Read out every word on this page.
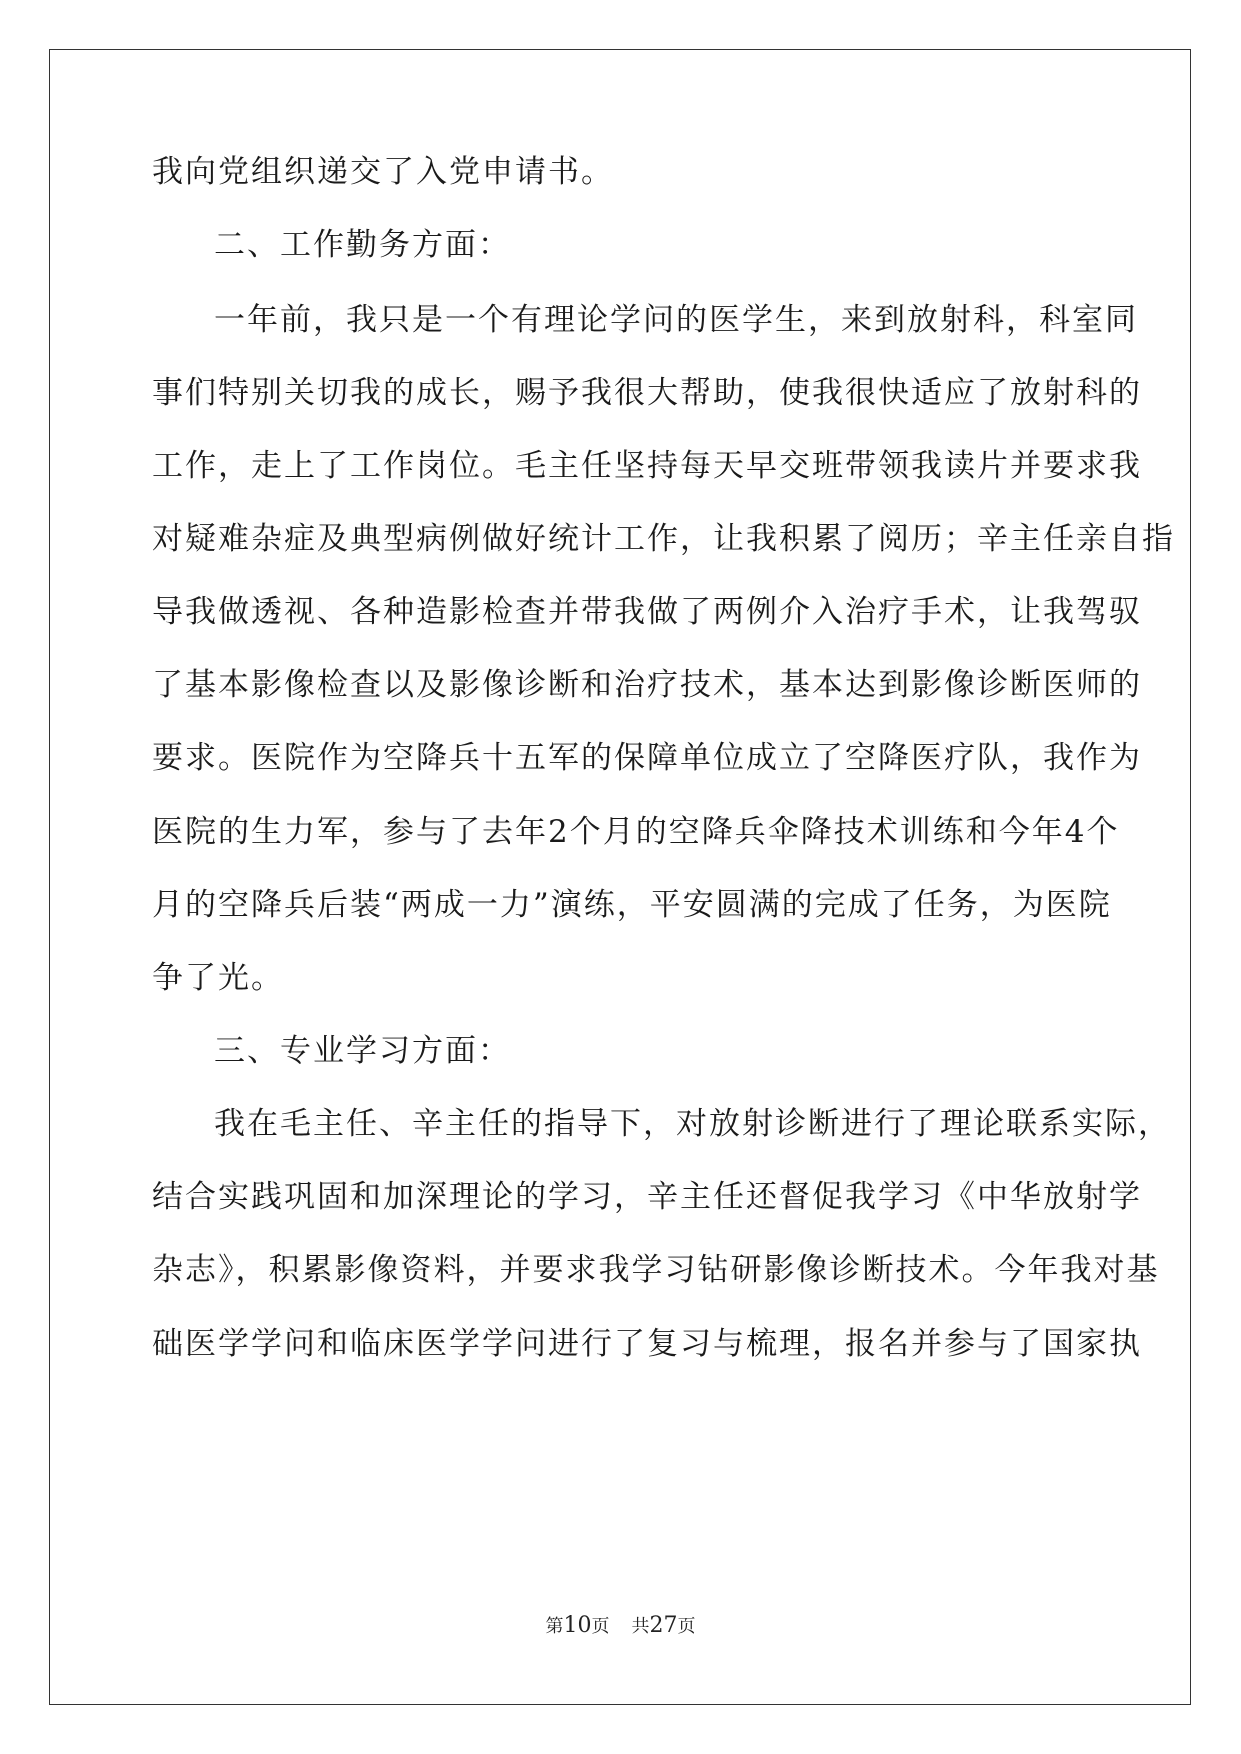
我向党组织递交了入党申请书。
二、工作勤务方面：
一年前，我只是一个有理论学问的医学生，来到放射科，科室同
事们特别关切我的成长，赐予我很大帮助，使我很快适应了放射科的
工作，走上了工作岗位。毛主任坚持每天早交班带领我读片并要求我
对疑难杂症及典型病例做好统计工作，让我积累了阅历；辛主任亲自指
导我做透视、各种造影检查并带我做了两例介入治疗手术，让我驾驭
了基本影像检查以及影像诊断和治疗技术，基本达到影像诊断医师的
要求。医院作为空降兵十五军的保障单位成立了空降医疗队，我作为
医院的生力军，参与了去年2个月的空降兵伞降技术训练和今年4个
月的空降兵后装“两成一力”演练，平安圆满的完成了任务，为医院
争了光。
三、专业学习方面：
我在毛主任、辛主任的指导下，对放射诊断进行了理论联系实际，
结合实践巩固和加深理论的学习，辛主任还督促我学习《中华放射学
杂志》，积累影像资料，并要求我学习钻研影像诊断技术。今年我对基
础医学学问和临床医学学问进行了复习与梳理，报名并参与了国家执
第10页 共27页
